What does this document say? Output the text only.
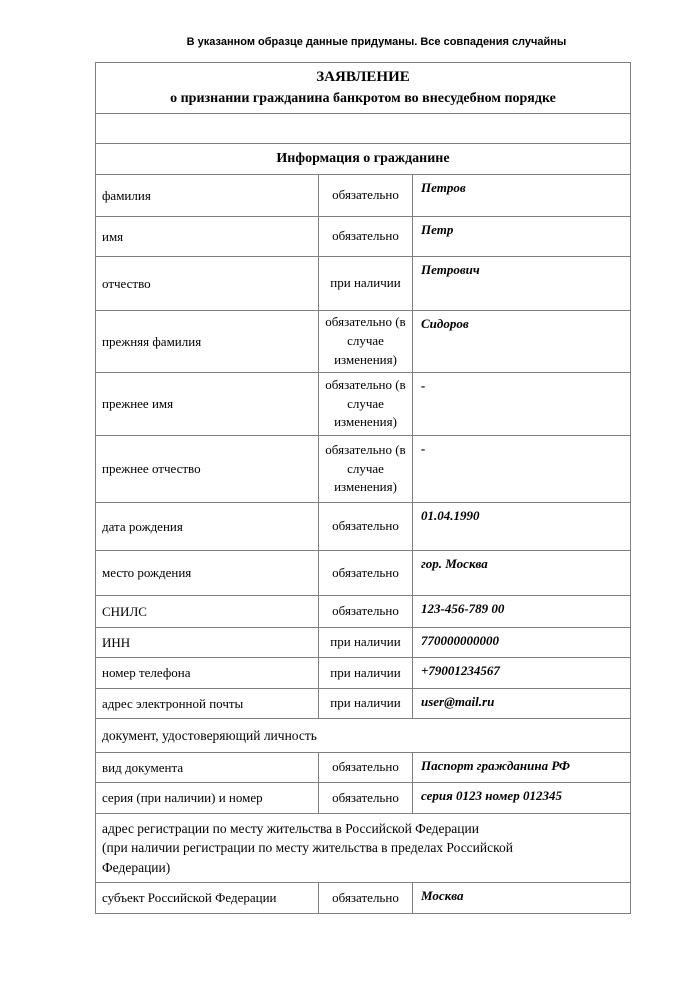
В указанном образце данные придуманы. Все совпадения случайны
ЗАЯВЛЕНИЕ
о признании гражданина банкротом во внесудебном порядке		

Информация о гражданине		
фамилия	обязательно	Петров
имя	обязательно	Петр
отчество	при наличии	Петрович
прежняя фамилия	обязательно (в случае изменения)	Сидоров
прежнее имя	обязательно (в случае изменения)	-
прежнее отчество	обязательно (в случае изменения)	-
дата рождения	обязательно	01.04.1990
место рождения	обязательно	гор. Москва
СНИЛС	обязательно	123-456-789 00
ИНН	при наличии	770000000000
номер телефона	при наличии	+79001234567
адрес электронной почты	при наличии	user@mail.ru
документ, удостоверяющий личность		
вид документа	обязательно	Паспорт гражданина РФ
серия (при наличии) и номер	обязательно	серия 0123 номер 012345

адрес регистрации по месту жительства в Российской Федерации
(при наличии регистрации по месту жительства в пределах Российской
Федерации)		

субъект Российской Федерации	обязательно	Москва
